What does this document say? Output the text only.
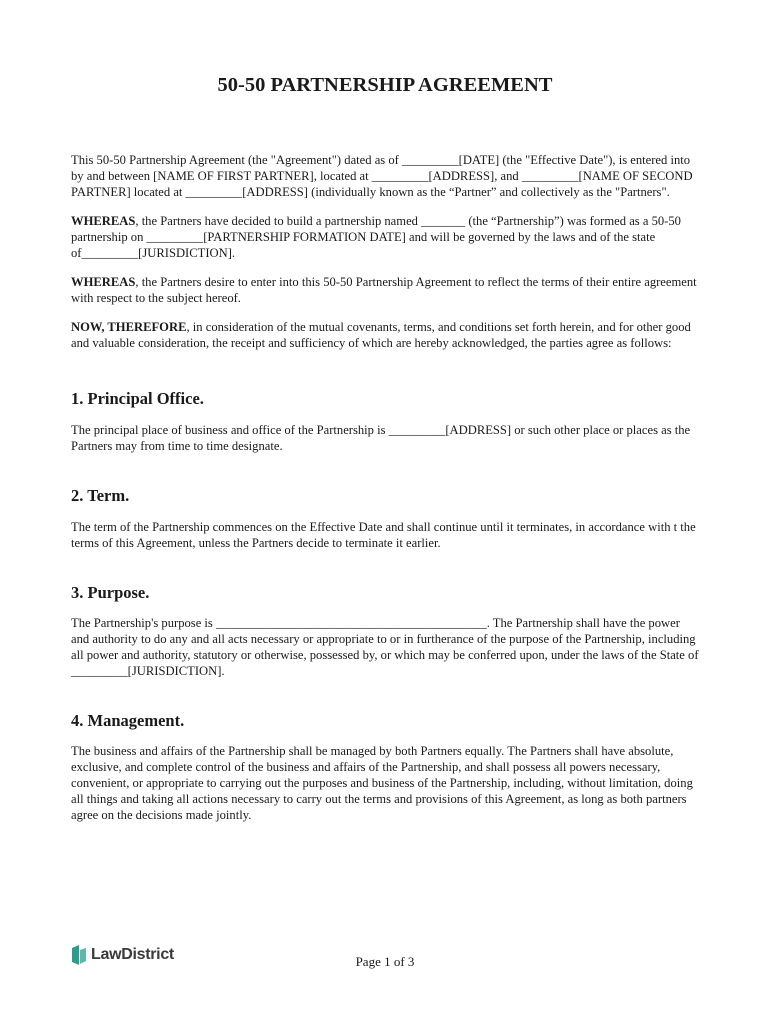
50-50 PARTNERSHIP AGREEMENT

This 50-50 Partnership Agreement (the "Agreement") dated as of _________[DATE] (the "Effective Date"), is entered into by and between [NAME OF FIRST PARTNER], located at _________[ADDRESS], and _________[NAME OF SECOND PARTNER] located at _________[ADDRESS] (individually known as the “Partner” and collectively as the "Partners".

WHEREAS, the Partners have decided to build a partnership named _______ (the “Partnership”) was formed as a 50-50 partnership on _________[PARTNERSHIP FORMATION DATE] and will be governed by the laws and of the state of_________[JURISDICTION].

WHEREAS, the Partners desire to enter into this 50-50 Partnership Agreement to reflect the terms of their entire agreement with respect to the subject hereof.

NOW, THEREFORE, in consideration of the mutual covenants, terms, and conditions set forth herein, and for other good and valuable consideration, the receipt and sufficiency of which are hereby acknowledged, the parties agree as follows:

1. Principal Office.

The principal place of business and office of the Partnership is _________[ADDRESS] or such other place or places as the Partners may from time to time designate.

2. Term.

The term of the Partnership commences on the Effective Date and shall continue until it terminates, in accordance with t the terms of this Agreement, unless the Partners decide to terminate it earlier.

3. Purpose.

The Partnership's purpose is ___________________________________________. The Partnership shall have the power and authority to do any and all acts necessary or appropriate to or in furtherance of the purpose of the Partnership, including all power and authority, statutory or otherwise, possessed by, or which may be conferred upon, under the laws of the State of _________[JURISDICTION].

4. Management.

The business and affairs of the Partnership shall be managed by both Partners equally. The Partners shall have absolute, exclusive, and complete control of the business and affairs of the Partnership, and shall possess all powers necessary, convenient, or appropriate to carrying out the purposes and business of the Partnership, including, without limitation, doing all things and taking all actions necessary to carry out the terms and provisions of this Agreement, as long as both partners agree on the decisions made jointly.

LawDistrict	Page 1 of 3
